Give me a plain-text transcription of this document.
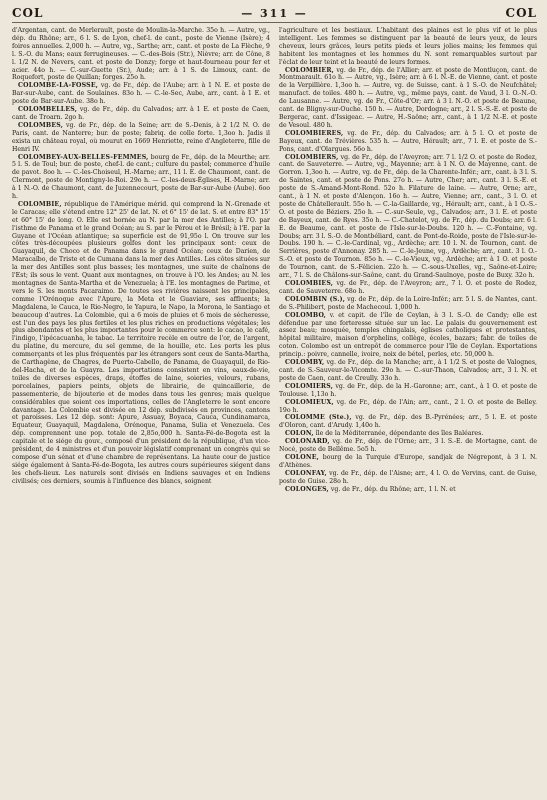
COL	— 311 —	COL

d'Argentan, cant. de Merlerault, poste de Moulin-la-Marche. 35o h. — Autre, vg., dép. du Rhône; arr., 6 l. S. de Lyon, chef-l. de cant., poste de Vienne (Isère); 4 foires annuelles. 2,000 h. — Autre, vg., Sarthe; arr., cant. et poste de La Flèche, 9 l. S.-O. du Mans; eaux ferrugineuses. — C.-des-Bois (Str.), Nièvre; arr. de Cône, 8 l. 1/2 N. de Nevers, cant. et poste de Donzy; forge et haut-fourneau pour fer et acier. 44o h. — C.-sur-Guette (Sr.), Aude; arr. à 1 S. de Limoux, cant. de Roquefort, poste de Quillan; forges. 25o h.

COLOMBE-LA-FOSSE, vg. de Fr., dép. de l'Aube; arr. à 1 N. E. et poste de Bar-sur-Aube, cant. de Soulaines. 83o h. — C.-le-Sec, Aube, arr., cant. à 1 E. et poste de Bar-sur-Aube. 38o h.

COLOMBELLES, vg. de Fr., dép. du Calvados; arr. à 1 E. et poste de Caen, cant. de Troarn. 2go h.

COLOMBES, vg. de Fr., dép. de la Seine; arr. de S.-Denis, à 2 1/2 N. O. de Paris, cant. de Nanterre; bur. de poste; fabriq. de colle forte. 1,3oo h. Jadis il exista un château royal, où mourut en 1669 Henriette, reine d'Angleterre, fille de Henri IV.

COLOMBEY-AUX-BELLES-FEMMES, bourg de Fr., dép. de la Meurthe; arr. 5 l. S. de Toul; bur. de poste, chef-l. de cant.; culture du pastel; commerce d'huile de pavot. 8oo h. — C.-les-Choiseul, H.-Marne; arr., 11 l. E. de Chaumont, cant. de Clermont, poste de Montigny-le-Roi. 29o h. — C.-les-deux-Églises, H.-Marne; arr. à 1 N.-O. de Chaumont, cant. de Juzennecourt, poste de Bar-sur-Aube (Aube). 6oo h.

COLOMBIE, république de l'Amérique mérid. qui comprend la N.-Grenade et le Caracas; elle s'étend entre 12° 25' de lat. N. et 6° 15' de lat. S. et entre 83° 15' et 60° 15' de long. O. Elle est bornée au N. par la mer des Antilles; à l'O. par l'isthme de Panama et le grand Océan; au S. par le Pérou et le Brésil; à l'E. par la Guyane et l'Océan atlantique; sa superficie est de 91,95o l. On trouve sur les côtes très-découpées plusieurs golfes dont les principaux sont: ceux de Guayaquil, de Choco et de Panama dans le grand Océan; ceux de Darien, de Maracaïbo, de Triste et de Cumana dans la mer des Antilles. Les côtes situées sur la mer des Antilles sont plus basses; les montagnes, une suite de chaînons de l'Est; ils sous le vent. Quant aux montagnes, on trouve à l'O. les Andes; au N. les montagnes de Santa-Martha et de Venezuela; à l'E. les montagnes de Parime, et vers le S. les monts Pacaraimo. De toutes ses rivières naissent les principales, comme l'Orénoque avec l'Apure, la Meta et le Guaviare, ses affluents; la Magdalena, le Cauca, le Rio-Negro, le Yapura, le Napo, la Morona, le Santiago et beaucoup d'autres. La Colombie, qui a 6 mois de pluies et 6 mois de sécheresse, est l'un des pays les plus fertiles et les plus riches en productions végétales; les plus abondantes et les plus importantes pour le commerce sont: le cacao, le café, l'indigo, l'ipécacuanha, le tabac. Le territoire recèle en outre de l'or, de l'argent, du platine, du mercure, du sel gemme, de la houille, etc. Les ports les plus commerçants et les plus fréquentés par les étrangers sont ceux de Santa-Martha, de Carthagène, de Chagres, de Puerto-Cabello, de Panama, de Guayaquil, de Rio-del-Hacha, et de la Guayra. Les importations consistent en vins, eaux-de-vie, toiles de diverses espèces, draps, étoffes de laine, soieries, velours, rubans, porcelaines, papiers peints, objets de librairie, de quincaillerie, de passementerie, de bijouterie et de modes dans tous les genres; mais quelque considérables que soient ces importations, celles de l'Angleterre le sont encore davantage. La Colombie est divisée en 12 dép. subdivisés en provinces, cantons et paroisses. Les 12 dép. sont: Apure, Assuay, Boyaca, Cauca, Cundinamarca, Equateur, Guayaquil, Magdalena, Orénoque, Panama, Sulia et Venezuela. Ces dép. comprennent une pop. totale de 2,85o,000 h. Santa-Fé-de-Bogota est la capitale et le siége du gouv., composé d'un président de la république, d'un vice-président, de 4 ministres et d'un pouvoir législatif comprenant un congrès qui se compose d'un sénat et d'une chambre de représentans. La haute cour de justice siége également à Santa-Fé-de-Bogota, les autres cours supérieures siégent dans les chefs-lieux. Les naturels sont divisés en Indiens sauvages et en Indiens civilisés; ces derniers, soumis à l'influence des blancs, soignent

l'agriculture et les bestiaux. L'habitant des plaines est le plus vif et le plus intelligent. Les femmes se distinguent par la beauté de leurs yeux, de leurs cheveux, leurs grâces, leurs petits pieds et leurs jolies mains; les femmes qui habitent les montagnes et les hommes du N. sont remarquables surtout par l'éclat de leur teint et la beauté de leurs formes.

COLOMBIER, vg. de Fr., dép. de l'Allier; arr. et poste de Montluçon, cant. de Montmarault. 61o h. — Autre, vg., Isère; arr. à 6 l. N.-E. de Vienne, cant. et poste de la Verpillière. 1,3oo h. — Autre, vg. de Suisse, cant. à 1 S.-O. de Neufchâtel; manufact. de toiles. 480 h. — Autre, vg., même pays, cant. de Vaud, 3 l. O.-N.-O. de Lausanne. — Autre, vg. de Fr., Côte-d'Or; arr. à 3 l. N.-O. et poste de Beaune, cant. de Bligny-sur-Ouche. 150 h. — Autre, Dordogne; arr., 2 l. S.-S.-E. et poste de Bergerac, cant. d'Issigeac. — Autre, H.-Saône; arr., cant., à 1 1/2 N.-E. et poste de Vesoul. 480 h.

COLOMBIERES, vg. de Fr., dép. du Calvados; arr. à 5 l. O. et poste de Bayeux, cant. de Trévières. 535 h. — Autre, Hérault; arr., 7 l. E. et poste de S.-Pons, cant. d'Olargues. 56o h.

COLOMBIERS, vg. de Fr., dép. de l'Aveyron; arr. 7 l. 1/2 O. et poste de Rodez, cant. de Sauveterre. — Autre, vg., Mayenne; arr. à 1 N. O. de Mayenne, cant. de Gorron. 1,3oo h. — Autre, vg. de Fr., dép. de la Charente-Infér.; arr., cant. à 3 l. S. de Saintes, cant. et poste de Pons. 27o h. — Autre, Cher; arr., cant. 3 l. S.-E. et poste de S.-Amand-Mont-Rond. 52o h. Filature de laine. — Autre, Orne; arr., cant., à 1 N. et poste d'Alençon. 16o h. — Autre, Vienne; arr., cant., 3 l. O. et poste de Châtellerault. 55o h. — C.-la-Gaillarde, vg., Hérault; arr., cant., à 1 O.-S.-O. et poste de Béziers. 25o h. — C.-sur-Seule, vg., Calvados; arr., 3 l. E. et poste de Bayeux, cant. de Ryes. 35o h. — C.-Chatelot, vg. de Fr., dép. du Doubs; arr. 6 l. E. de Beaume, cant. et poste de l'Isle-sur-le-Doubs. 120 h. — C.-Fontaine, vg. Doubs; arr. 3 l. S.-O. de Montbéliard, cant. de Pont-de-Roide, poste de l'Isle-sur-le-Doubs. 190 h. — C.-le-Cardinal, vg., Ardèche; arr. 10 l. N. de Tournon, cant. de Serrières, poste d'Annonay. 285 h. — C.-le-Jeune, vg., Ardèche; arr., cant. 3 l. O.-S.-O. et poste de Tournon. 85o h. — C.-le-Vieux, vg., Ardèche; arr. à 1 O. et poste de Tournon, cant. de S.-Félicien. 22o h. — C.-sous-Uxelles, vg., Saône-et-Loire; arr., 7 l. S. de Châlons-sur-Saône, cant. du Grand-Saulnoye, poste de Buxy. 32o h.

COLOMBIES, vg. de Fr., dép. de l'Aveyron; arr., 7 l. O. et poste de Rodez, cant. de Sauveterre. 68o h.

COLOMBIN (S.), vg. de Fr., dép. de la Loire-Infér.; arr. 5 l. S. de Nantes, cant. de S.-Philibert, poste de Machecoul. 1,000 h.

COLOMBO, v. et capit. de l'île de Ceylan, à 3 l. S.-O. de Candy; elle est défendue par une forteresse située sur un lac. Le palais du gouvernement est assez beau; mosquée, temples chingalais, églises catholiques et protestantes, hôpital militaire, maison d'orphelins, collège, écoles, bazars; fabr. de toiles de coton. Colombo est un entrepôt de commerce pour l'île de Ceylan. Exportations princip.: poivre, cannelle, ivoire, noix de bétel, perles, etc. 50,000 h.

COLOMBY, vg. de Fr., dép. de la Manche; arr., à 1 1/2 S. et poste de Valognes, cant. de S.-Sauveur-le-Vicomte. 29o h. — C.-sur-Thaon, Calvados; arr., 3 l. N. et poste de Caen, cant. de Creully. 33o h.

COLOMIERS, vg. de Fr., dép. de la H.-Garonne; arr., cant., à 1 O. et poste de Toulouse. 1,13o h.

COLOMIEUX, vg. de Fr., dép. de l'Ain; arr., cant., 2 l. O. et poste de Belley. 19o h.

COLOMME (Ste.), vg. de Fr., dép. des B.-Pyrénées; arr., 5 l. E. et poste d'Oloron, cant. d'Arudy. 1,40o h.

COLON, île de la Méditerranée, dépendante des îles Baléares.

COLONARD, vg. de Fr., dép. de l'Orne; arr., 3 l. S.-E. de Mortagne, cant. de Nocé, poste de Bellême. 5o5 h.

COLONE, bourg de la Turquie d'Europe, sandjak de Négrepont, à 3 l. N. d'Athènes.

COLONFAY, vg. de Fr., dép. de l'Aisne; arr., 4 l. O. de Vervins, cant. de Guise, poste de Guise. 28o h.

COLONGES, vg. de Fr., dép. du Rhône; arr., 1 l. N. et
